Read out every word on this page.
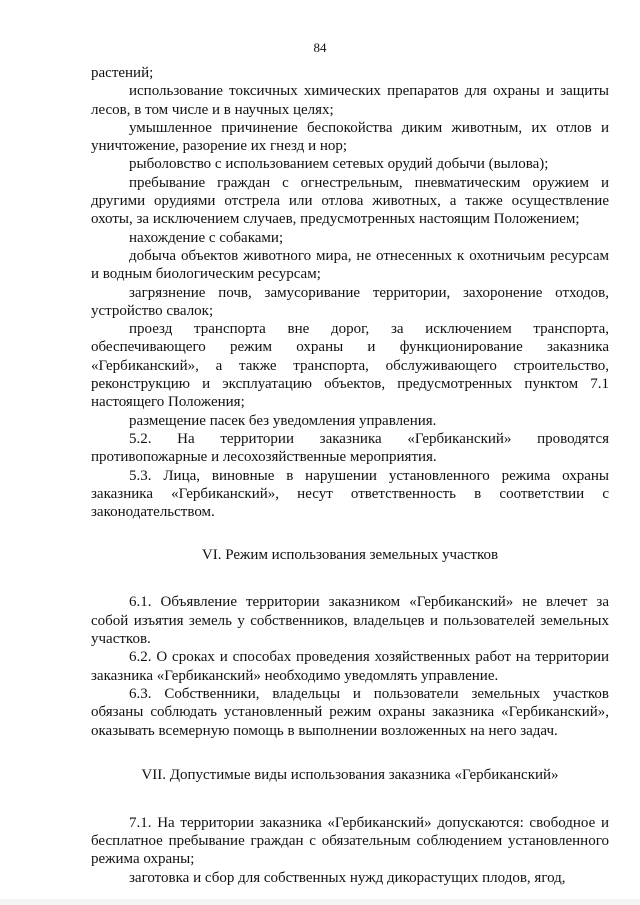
84

растений;

использование токсичных химических препаратов для охраны и защиты лесов, в том числе и в научных целях;

умышленное причинение беспокойства диким животным, их отлов и уничтожение, разорение их гнезд и нор;

рыболовство с использованием сетевых орудий добычи (вылова);

пребывание граждан с огнестрельным, пневматическим оружием и другими орудиями отстрела или отлова животных, а также осуществление охоты, за исключением случаев, предусмотренных настоящим Положением;

нахождение с собаками;

добыча объектов животного мира, не отнесенных к охотничьим ресурсам и водным биологическим ресурсам;

загрязнение почв, замусоривание территории, захоронение отходов, устройство свалок;

проезд транспорта вне дорог, за исключением транспорта, обеспечивающего режим охраны и функционирование заказника «Гербиканский», а также транспорта, обслуживающего строительство, реконструкцию и эксплуатацию объектов, предусмотренных пунктом 7.1 настоящего Положения;

размещение пасек без уведомления управления.

5.2. На территории заказника «Гербиканский» проводятся противопожарные и лесохозяйственные мероприятия.

5.3. Лица, виновные в нарушении установленного режима охраны заказника «Гербиканский», несут ответственность в соответствии с законодательством.

VI. Режим использования земельных участков

6.1. Объявление территории заказником «Гербиканский» не влечет за собой изъятия земель у собственников, владельцев и пользователей земельных участков.

6.2. О сроках и способах проведения хозяйственных работ на территории заказника «Гербиканский» необходимо уведомлять управление.

6.3. Собственники, владельцы и пользователи земельных участков обязаны соблюдать установленный режим охраны заказника «Гербиканский», оказывать всемерную помощь в выполнении возложенных на него задач.

VII. Допустимые виды использования заказника «Гербиканский»

7.1. На территории заказника «Гербиканский» допускаются: свободное и бесплатное пребывание граждан с обязательным соблюдением установленного режима охраны;

заготовка и сбор для собственных нужд дикорастущих плодов, ягод,
